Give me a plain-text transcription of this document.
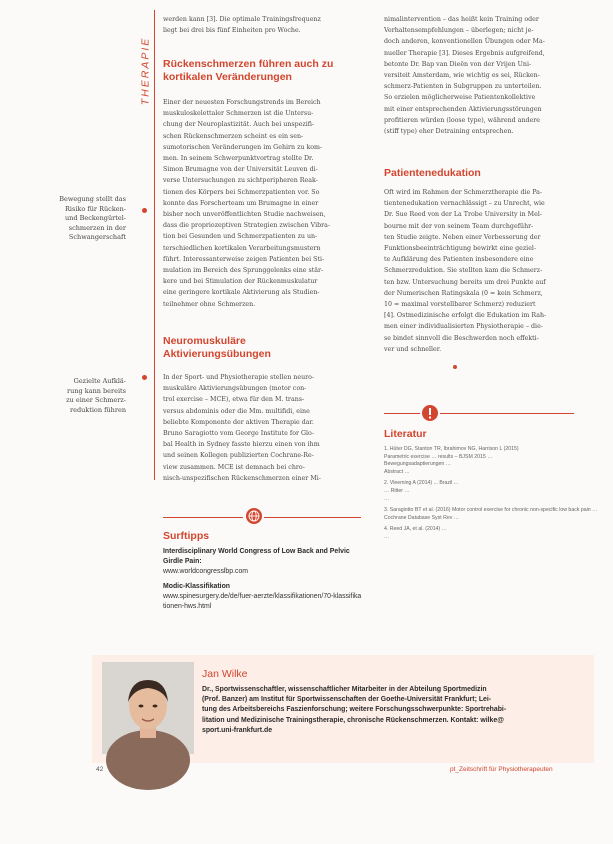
THERAPIE
Bewegung stellt das
Risiko für Rücken-
und Beckengürtel-
schmerzen in der
Schwangerschaft
Gezielte Aufklä-
rung kann bereits
zu einer Schmerz-
reduktion führen
werden kann [3]. Die optimale Trainingsfrequenz
liegt bei drei bis fünf Einheiten pro Woche.
Rückenschmerzen führen auch zu
kortikalen Veränderungen
Einer der neuesten Forschungstrends im Bereich
muskuloskelettaler Schmerzen ist die Untersu-
chung der Neuroplastizität. Auch bei unspezifi-
schen Rückenschmerzen scheint es ein sen-
sumotorischen Veränderungen im Gehirn zu kom-
men. In seinem Schwerpunktvortrag stellte Dr.
Simon Brumagne von der Universität Leuven di-
verse Untersuchungen zu sichtperipheren Reak-
tionen des Körpers bei Schmerzpatienten vor. So
konnte das Forscherteam um Brumagne in einer
bisher noch unveröffentlichten Studie nachweisen,
dass die propriozeptiven Strategien zwischen Vibra-
tion bei Gesunden und Schmerzpatienten zu un-
terschiedlichen kortikalen Verarbeitungsmustern
führt. Interessanterweise zeigen Patienten bei Sti-
mulation im Bereich des Sprunggelenks eine stär-
kere und bei Stimulation der Rückenmuskulatur
eine geringere kortikale Aktivierung als Studien-
teilnehmer ohne Schmerzen.
Neuromuskuläre
Aktivierungsübungen
In der Sport- und Physiotherapie stellen neuro-
muskuläre Aktivierungsübungen (motor con-
trol exercise – MCE), etwa für den M. trans-
versus abdominis oder die Mm. multifidi, eine
beliebte Komponente der aktiven Therapie dar.
Bruno Saragiotto vom George Institute for Glo-
bal Health in Sydney fasste hierzu einen von ihm
und seinen Kollegen publizierten Cochrane-Re-
view zusammen. MCE ist demnach bei chro-
nisch-unspezifischen Rückenschmerzen einer Mi-
Surftipps
Interdisciplinary World Congress of Low Back and Pelvic Girdle Pain:
www.worldcongresslbp.com
Modic-Klassifikation
www.spinesurgery.de/de/fuer-aerzte/klassifikationen/70-klassifikationen-hws.html
nimalintervention – das heißt kein Training oder
Verhaltensempfehlungen – überlegen; nicht je-
doch anderen, konventionellen Übungen oder Ma-
nueller Therapie [3]. Dieses Ergebnis aufgreifend,
betonte Dr. Bap van Dieën von der Vrijen Uni-
versiteit Amsterdam, wie wichtig es sei, Rücken-
schmerz-Patienten in Subgruppen zu unterteilen.
So erzielen möglicherweise Patientenkollektive
mit einer entsprechenden Aktivierungsstörungen
profitieren würden (loose type), während andere
(stiff type) eher Detraining entsprechen.
Patientenedukation
Oft wird im Rahmen der Schmerztherapie die Pa-
tientenedukation vernachlässigt – zu Unrecht, wie
Dr. Sue Reed von der La Trobe University in Mel-
bourne mit der von seinem Team durchgeführ-
ten Studie zeigte. Neben einer Verbesserung der
Funktionsbeeinträchtigung bewirkt eine geziel-
te Aufklärung des Patienten insbesondere eine
Schmerzreduktion. Sie stellten kam die Schmerz-
ten bzw. Untersuchung bereits um drei Punkte auf
der Numerischen Ratingskala (0 = kein Schmerz,
10 = maximal vorstellbarer Schmerz) reduziert
[4]. Ostmedizinische erfolgt die Edukation im Rah-
men einer individualisierten Physiotherapie – die-
se bindet sinnvoll die Beschwerden noch effekti-
ver und schneller.
Literatur
1. Hüter DG, Stanton TR, Ibrahimov NG, Harrison L (2015)
Parametric exercise … results – BJSM 2015 …
Bewegungsadaptierungen …
Abstract …
2. Vleeming A (2014) ... Brazil ...
… Ritter …
…
3. Saragiotto BT et al. (2016) Motor control exercise for chronic non-specific low back pain …
Cochrane Database Syst Rev …
4. Reed JA, et al. (2014) …
…
Jan Wilke
Dr., Sportwissenschaftler, wissenschaftlicher Mitarbeiter in der Abteilung Sportmedizin
(Prof. Banzer) am Institut für Sportwissenschaften der Goethe-Universität Frankfurt; Lei-
tung des Arbeitsbereichs Faszienforschung; weitere Forschungsschwerpunkte: Sportrehabi-
litation und Medizinische Trainingstherapie, chronische Rückenschmerzen. Kontakt: wilke@
sport.uni-frankfurt.de
42	pt_Zeitschrift für Physiotherapeuten
